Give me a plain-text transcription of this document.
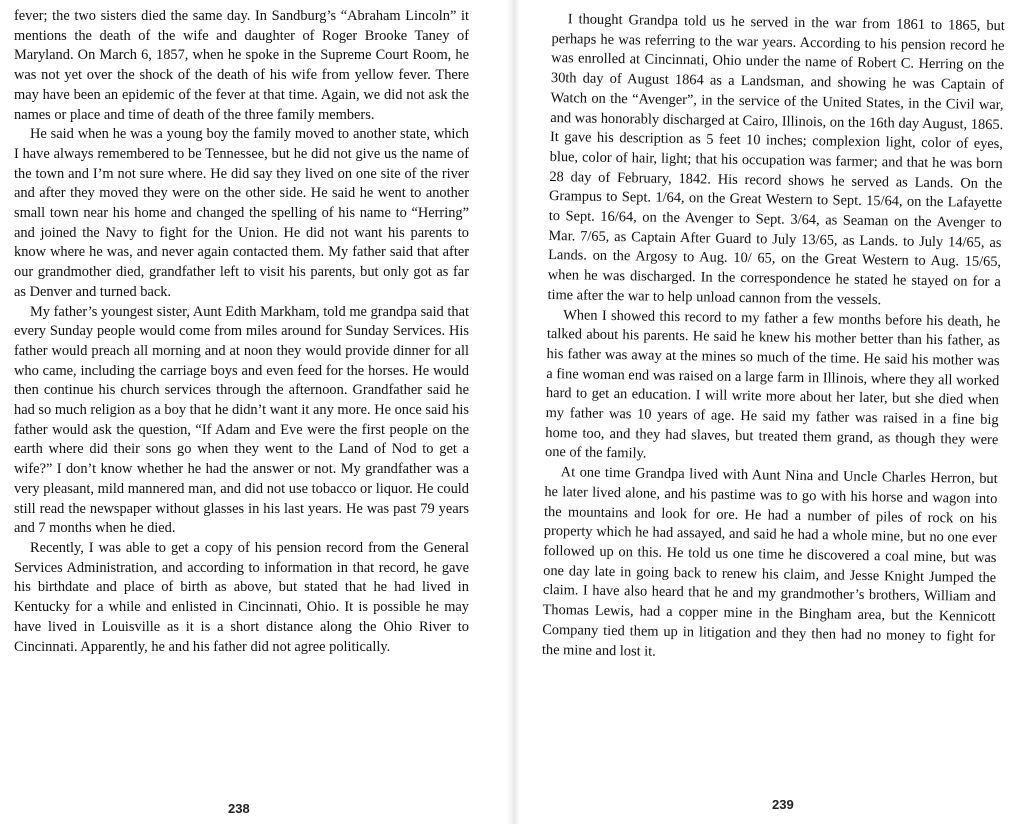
fever; the two sisters died the same day. In Sandburg’s “Abraham Lincoln” it mentions the death of the wife and daughter of Roger Brooke Taney of Maryland. On March 6, 1857, when he spoke in the Supreme Court Room, he was not yet over the shock of the death of his wife from yellow fever. There may have been an epidemic of the fever at that time. Again, we did not ask the names or place and time of death of the three family members.

He said when he was a young boy the family moved to another state, which I have always remembered to be Tennessee, but he did not give us the name of the town and I’m not sure where. He did say they lived on one site of the river and after they moved they were on the other side. He said he went to another small town near his home and changed the spelling of his name to “Herring” and joined the Navy to fight for the Union. He did not want his parents to know where he was, and never again contacted them. My father said that after our grandmother died, grandfather left to visit his parents, but only got as far as Denver and turned back.

My father’s youngest sister, Aunt Edith Markham, told me grandpa said that every Sunday people would come from miles around for Sunday Services. His father would preach all morning and at noon they would provide dinner for all who came, including the carriage boys and even feed for the horses. He would then continue his church services through the afternoon. Grandfather said he had so much religion as a boy that he didn’t want it any more. He once said his father would ask the question, “If Adam and Eve were the first people on the earth where did their sons go when they went to the Land of Nod to get a wife?” I don’t know whether he had the answer or not. My grandfather was a very pleasant, mild mannered man, and did not use tobacco or liquor. He could still read the newspaper without glasses in his last years. He was past 79 years and 7 months when he died.

Recently, I was able to get a copy of his pension record from the General Services Administration, and according to information in that record, he gave his birthdate and place of birth as above, but stated that he had lived in Kentucky for a while and enlisted in Cincinnati, Ohio. It is possible he may have lived in Louisville as it is a short distance along the Ohio River to Cincinnati. Apparently, he and his father did not agree politically.

238

I thought Grandpa told us he served in the war from 1861 to 1865, but perhaps he was referring to the war years. According to his pension record he was enrolled at Cincinnati, Ohio under the name of Robert C. Herring on the 30th day of August 1864 as a Landsman, and showing he was Captain of Watch on the “Avenger”, in the service of the United States, in the Civil war, and was honorably discharged at Cairo, Illinois, on the 16th day August, 1865. It gave his description as 5 feet 10 inches; complexion light, color of eyes, blue, color of hair, light; that his occupation was farmer; and that he was born 28 day of February, 1842. His record shows he served as Lands. On the Grampus to Sept. 1/64, on the Great Western to Sept. 15/64, on the Lafayette to Sept. 16/64, on the Avenger to Sept. 3/64, as Seaman on the Avenger to Mar. 7/65, as Captain After Guard to July 13/65, as Lands. to July 14/65, as Lands. on the Argosy to Aug. 10/ 65, on the Great Western to Aug. 15/65, when he was discharged. In the correspondence he stated he stayed on for a time after the war to help unload cannon from the vessels.

When I showed this record to my father a few months before his death, he talked about his parents. He said he knew his mother better than his father, as his father was away at the mines so much of the time. He said his mother was a fine woman end was raised on a large farm in Illinois, where they all worked hard to get an education. I will write more about her later, but she died when my father was 10 years of age. He said my father was raised in a fine big home too, and they had slaves, but treated them grand, as though they were one of the family.

At one time Grandpa lived with Aunt Nina and Uncle Charles Herron, but he later lived alone, and his pastime was to go with his horse and wagon into the mountains and look for ore. He had a number of piles of rock on his property which he had assayed, and said he had a whole mine, but no one ever followed up on this. He told us one time he discovered a coal mine, but was one day late in going back to renew his claim, and Jesse Knight Jumped the claim. I have also heard that he and my grandmother’s brothers, William and Thomas Lewis, had a copper mine in the Bingham area, but the Kennicott Company tied them up in litigation and they then had no money to fight for the mine and lost it.

239
